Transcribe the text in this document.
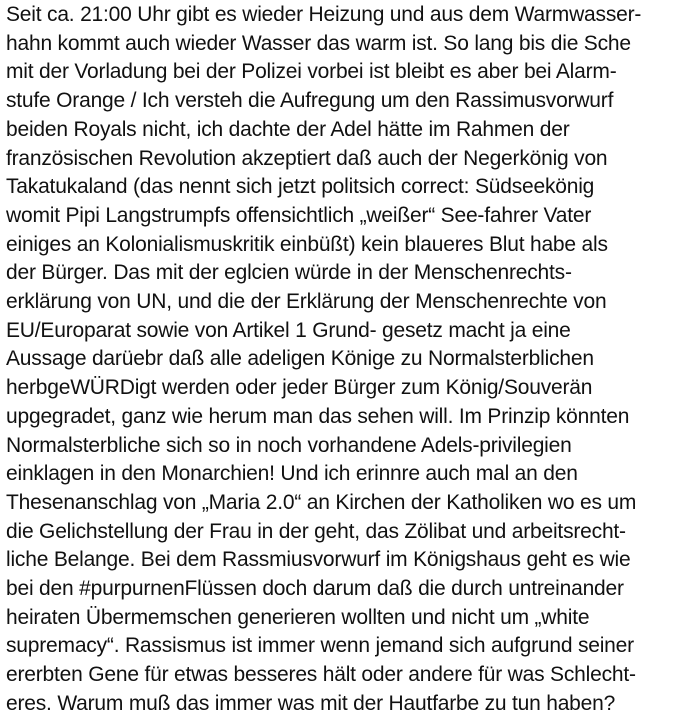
Seit ca. 21:00 Uhr gibt es wieder Heizung und aus dem Warmwasser-
hahn kommt auch wieder Wasser das warm ist. So lang bis die Sche
mit der Vorladung bei der Polizei vorbei ist bleibt es aber bei Alarm-
stufe Orange / Ich versteh die Aufregung um den Rassimusvorwurf
beiden Royals nicht, ich dachte der Adel hätte im Rahmen der
französischen Revolution akzeptiert daß auch der Negerkönig von
Takatukaland (das nennt sich jetzt politsich correct: Südseekönig
womit Pipi Langstrumpfs offensichtlich „weißer“ See-fahrer Vater
einiges an Kolonialismuskritik einbüßt) kein blaueres Blut habe als
der Bürger. Das mit der eglcien würde in der Menschenrechts-
erklärung von UN, und die der Erklärung der Menschenrechte von
EU/Europarat sowie von Artikel 1 Grund- gesetz macht ja eine
Aussage darüebr daß alle adeligen Könige zu Normalsterblichen
herbgeWÜRDigt werden oder jeder Bürger zum König/Souverän
upgegradet, ganz wie herum man das sehen will. Im Prinzip könnten
Normalsterbliche sich so in noch vorhandene Adels-privilegien
einklagen in den Monarchien! Und ich erinnre auch mal an den
Thesenanschlag von „Maria 2.0“ an Kirchen der Katholiken wo es um
die Gelichstellung der Frau in der geht, das Zölibat und arbeitsrecht-
liche Belange. Bei dem Rassmiusvorwurf im Königshaus geht es wie
bei den #purpurnenFlüssen doch darum daß die durch untreinander
heiraten Übermemschen generieren wollten und nicht um „white
supremacy“. Rassismus ist immer wenn jemand sich aufgrund seiner
ererbten Gene für etwas besseres hält oder andere für was Schlecht-
eres. Warum muß das immer was mit der Hautfarbe zu tun haben?
